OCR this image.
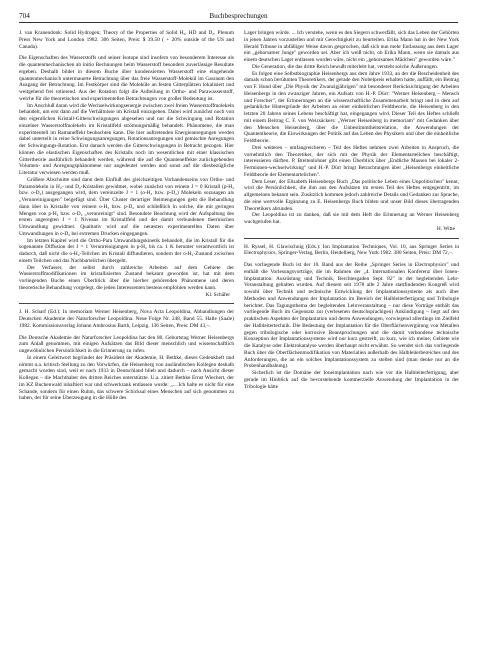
704	Buchbesprechungen

J. van Kranendonk: Solid Hydrogen; Theory of the Properties of Solid H₂, HD and D₂. Plenum Press New York and London 1982. 306 Seiten, Preis: $ 39.50 ( + 20% outside of the US and Canada).

Die Eigenschaften des Wasserstoffs und seiner Isotope sind insofern von besonderem Interesse als die quantenmechanischen ab initio Rechnungen beim Wasserstoff besonders zuverlässige Resultate ergeben. Deshalb bildet in diesem Buche über kondensierten Wasserstoff eine eingehende quantenmechanisch untermauerte Betrachtung über das freie Wasserstoff-Molekül im Gasraum den Ausgang der Betrachtung. Im Festkörper sind die Moleküle an festen Gitterplätzen lokalisiert und weitgehend frei rotierend. Aus der Rotation folgt die Aufteilung in Ortho- und Parawasserstoff, welche für die theoretischen und experimentellen Betrachtungen von großer Bedeutung ist.

Im Anschluß daran wird die Wechselwirkungsenergie zwischen zwei freien Wasserstoffmolekeln behandelt, um erst dann auf die Verhältnisse im Kristall einzugehen. Dabei wird zunächst noch von den eigentlichen Kristall-Gitterschwingungen abgesehen und nur die Schwingung und Rotation einzelner Wasserstoffmolekeln im Kristallfeld strömungsmäßig behandelt. Phänomene, die man experimentell im Ramaneffekt beobachten kann. Die hier auftretenden Energieanregungen werden dabei unterteilt in reine Schwingungsanregungen, Rotationsanregungen und gemischte Anregungen der Schwingungs-Rotation. Erst danach werden die Gitterschwingungen in Betracht gezogen. Hier können die elastischen Eigenschaften des Kristalls noch im wesentlichen mit einer klassischen Gittertheorie ausführlich behandelt werden, während die auf die Quanteneffekte zurückgehenden Volumen- und Anregungsphänomene nur angedeutet werden und sonst auf die diesbezügliche Literatur verwiesen werden muß.

Größere Abschnitte sind dann dem Einfluß des gleichzeitigen Vorhandenseins von Ortho- und Paramolekeln in H₂- und D₂-Kristallen gewidmet, wobei zunächst von reinem J = 0 Kristall (p-H₂ bzw. o-D₂) ausgegangen wird, dem vereinzelte J = 1 (o-H₂ bzw. p-D₂) Molekeln sozusagen als „Verunreinigungen" beigefügt sind. Über Cluster derartiger Beimengungen geht die Behandlung dann über in Kristalle von reinem o-H₂ bzw. p-D₂ und schließlich in solche, die mit geringen Mengen von p-H₂ bzw. o-D₂ „verunreinigt" sind. Besondere Beachtung wird der Aufspaltung des ersten angeregten J = 1 Niveaus im Kristallfeld und der damit verbundenen thermischen Umwandlung gewidmet. Qualitativ wird auf die neuesten experimentellen Daten über Umwandlungen in o-D₂ bei extremen Drucken eingegangen.

Im letzten Kapitel wird die Ortho-Para Umwandlungskinetik behandelt, die im Kristall für die sogenannte Diffusion der J = 1 Verunreinigungen in p-H₂ bis ca. 1 K herunter verantwortlich ist dadurch, daß nicht die o-H₂-Teilchen im Kristall diffundieren, sondern der o-H₂-Zustand zwischen einem Teilchen und das Nachbarteilchen übergeht.

Der Verfasser, der selbst durch zahlreiche Arbeiten auf dem Gebiete der Wasserstoffmodifikationen im kristallisierten Zustand bekannt geworden ist, hat mit dem vorliegenden Buche einen Überblick über die hierher gehörenden Phänomene und deren theoretische Behandlung vorgelegt, die jeden Interessenten bestens empfohlen werden kann.

Kl. Schäfer

J. H. Scharf (Ed.): In memoriam Werner Heisenberg, Nova Acta Leopoldina, Abhandlungen der Deutschen Akademie der Naturforscher Leopoldina. Neue Folge Nr. 248, Band 55. Halle (Saale) 1982. Kommissionsverlag Johann Ambrosius Barth, Leipzig. 136 Seiten, Preis: DM 43,–.

Die Deutsche Akademie der Naturforscher Leopoldina hat den 80. Geburtstag Werner Heisenbergs zum Anlaß genommen, mit einigen Aufsätzen das Bild dieser menschlich und wissenschaftlich ungewöhnlichen Persönlichkeit in die Erinnerung zu rufen.

In einem Geleitwort begründet der Präsident der Akademie, H. Bethke, dieses Gedenkheft und nimmt u.a. kritisch Stellung zu den Vorwürfen, die Heisenberg von ausländischen Kollegen deshalb gemacht worden sind, weil er nach 1933 in Deutschland blieb und dadurch – nach Ansicht dieser Kollegen – die Machthaber des dritten Reiches unterstützte. U.a. zitiert Bethke Ernst Wiechert, der im KZ Buchenwald inhaftiert war und schwerkrank entlassen wurde: „... Ich halte es nicht für eine Schande, sondern für einen Ruhm, das schwere Schicksal eines Menschen auf sich genommen zu haben, der für seine Überzeugung in die Hölle des

Lager bringen würde. ... Ich verstehe, wenn es den Siegern schwerfällt, sich das Leben der Gehörten in jenen Jahren vorzustellen und mit Gerechtigkeit zu beurteilen. Erika Mann hat in der New York Herald Tribune in abfälliger Weise davon gesprochen, daß sich nun mehr Entlassung aus dem Lager ein „gehorsamer Junge" geworden sei. Aber ich weiß nicht, ob Erika Mann, wenn sie damals aus einem deutschen Lager entlassen worden wäre, nicht ein „gehorsames Mädchen" geworden wäre."

Die Generation, die das dritte Reich bewußt miterlebt hat, versteht solche Äußerungen.

Es folgen eine Selbstbiographie Heisenbergs aus dem Jahre 1933, an der die Bescheidenheit des damals schon berühmten Theoretikers, der gerade den Nobelpreis erhalten hatte, auffällt, ein Beitrag von F. Hund über „Die Physik der Zwanzigjährigen" mit besonderer Berücksichtigung der Arbeiten Heisenbergs in den zwanziger Jahren, ein Aufsatz von H.-P. Dürr: "Werner Heisenberg – Mensch und Forscher", der Erinnerungen an die wissenschaftliche Zusammenarbeit bringt und in dem auf gedankliche Hintergründe der Arbeiten an einer einheitlichen Feldtheorie, die Heisenberg in den letzten 20 Jahren seines Lebens beschäftigt hat, eingegangen wird. Dieser Teil des Heftes schließt mit einem Beitrag C. F. von Weizsäckers: „Werner Heisenberg in memoriam" mit Gedanken über den Menschen Heisenberg, über die Unbestimmtheitsrelation, die Anwendungen der Quantentheorie, die Einwirkungen der Politik auf das Leben des Physikers und über die einheitliche Feldtheorie.

Drei weiteren – umfangreicheren – Teil des Heftes nehmen zwei Arbeiten in Anspruch, die vornehmlich den Theoretiker, der sich mit der Physik der Elementarteilchen beschäftigt, interessieren dürften. P. Breitenlohner gibt einen Überblick über „Endliche Massen bei lokaler 2-Fermionen-wechselwirkung" und H.-P. Dürr bringt Betrachtungen über „Heisenbergs einheitliche Feldtheorie der Elementarteilchen".

Dem Leser, der Elisabeth Heisenbergs Buch „Das politische Leben eines Unpolitischen" kennt, wird die Persönlichkeit, die ihm aus den Aufsätzen im ersten Teil des Heftes entgegentritt, im allgemeinen bekannt sein. Zusätzlich kommen jedoch zahlreiche Details und Gedanken zur Sprache, die eine wertvolle Ergänzung zu E. Heisenbergs Buch bilden und unser Bild dieses überragenden Theoretikers abrunden.

Der Leopoldina ist zu danken, daß sie mit dem Heft die Erinnerung an Werner Heisenberg wachgerufen hat.

H. Witte

H. Ryssel, H. Glawischnig (Eds.): Ion Implantation Techniques, Vol. 10, aus Springer Series in Electrophysics, Springer-Verlag, Berlin, Heidelberg, New York 1982. 380 Seiten, Preis: DM 72,–.

Das vorliegende Buch ist der 10. Band aus der Reihe „Springer Series in Electrophysics" und enthält die Vorlesungsvorträge, die im Rahmen der „4. Internationalen Konferenz über Ionen-Implantation: Ausrüstung und Technik, Berchtesgaden Sept. 82" in der begleitenden Lehr-Veranstaltung gehalten wurden. Auf diesem seit 1978 alle 2 Jahre stattfindenden Kongreß wird sowohl über Technik und technische Entwicklung der Implantationssysteme als auch über Methoden und Anwendungen der Implantation im Bereich der Halbleiterfertigung und Tribologie berichtet. Das Tagungsthema der begleitenden Lehrveranstaltung – nur diese Vorträge enthält das vorliegende Buch im Gegensatz zur (verlesenen deutschsprachigen) Ankündigung – liegt auf den praktischen Aspekten der Implantation und deren Anwendungen, vorwiegend allerdings im Zielfeld der Halbleitertechnik. Die Bedeutung der Implantation für die Oberflächenvergütung von Metallen gegen tribologische oder korrosive Beanspruchungen und die damit verbundene technische Konzeption der Implantationssysteme wird nur kurz gestreift, zu kurz, wie ich meine; Gebiete wie die Katalyse oder Elektrokatalyse werden überhaupt nicht erwähnt. So wendet sich das vorliegende Buch über die Oberflächenmodifikation von Materialien außerhalb des Halbleiterbereiches und des Anforderungen, die an ein solches Implantationssystem zu stellen sind (man denke nur an die Probenhandhabung).

Sicherlich ist die Domäne der Ioneimplantation nach wie vor die Halbleiterfertigung, aber gerade im Hinblick auf die bevorstehende kommerzielle Anwendung der Implantation in der Tribologie hätte
